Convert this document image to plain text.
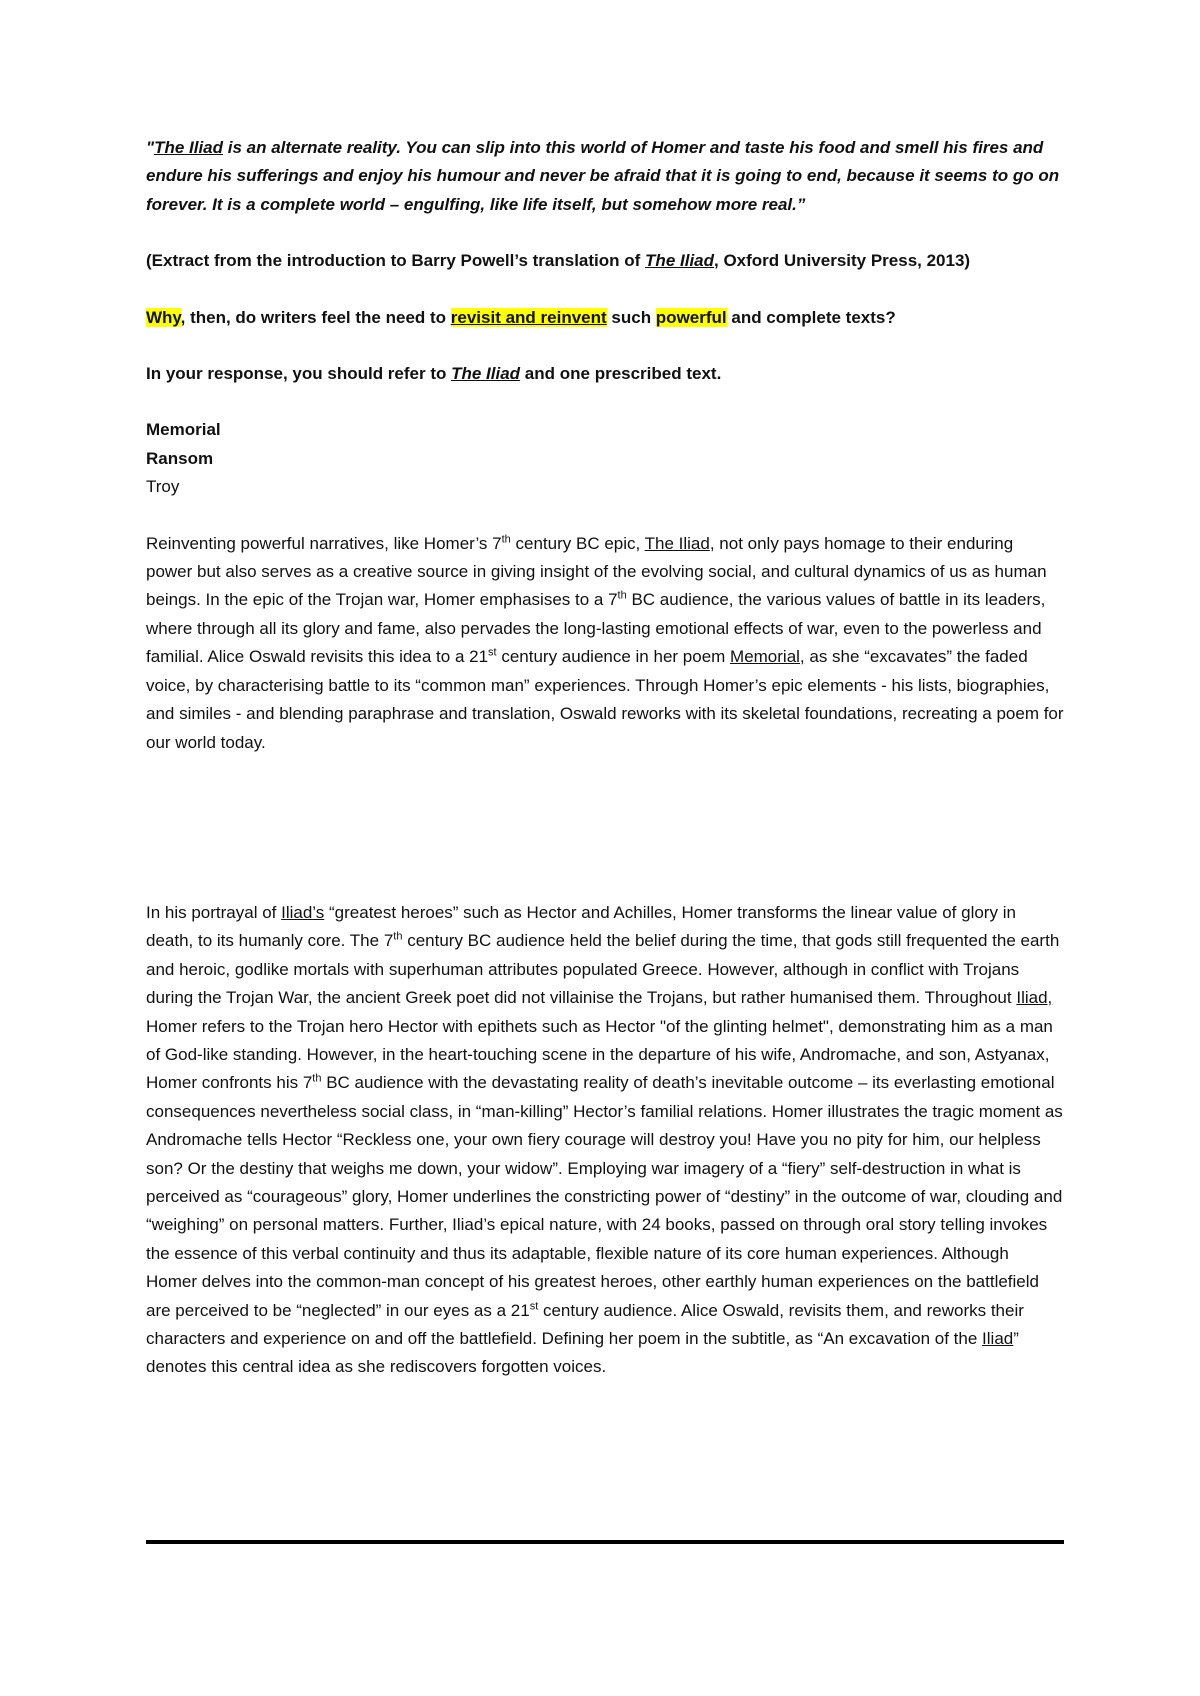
"The Iliad is an alternate reality. You can slip into this world of Homer and taste his food and smell his fires and endure his sufferings and enjoy his humour and never be afraid that it is going to end, because it seems to go on forever. It is a complete world – engulfing, like life itself, but somehow more real.”

(Extract from the introduction to Barry Powell’s translation of The Iliad, Oxford University Press, 2013)

Why, then, do writers feel the need to revisit and reinvent such powerful and complete texts?

In your response, you should refer to The Iliad and one prescribed text.

Memorial

Ransom

Troy

Reinventing powerful narratives, like Homer’s 7th century BC epic, The Iliad, not only pays homage to their enduring power but also serves as a creative source in giving insight of the evolving social, and cultural dynamics of us as human beings. In the epic of the Trojan war, Homer emphasises to a 7th BC audience, the various values of battle in its leaders, where through all its glory and fame, also pervades the long-lasting emotional effects of war, even to the powerless and familial. Alice Oswald revisits this idea to a 21st century audience in her poem Memorial, as she “excavates” the faded voice, by characterising battle to its “common man” experiences. Through Homer’s epic elements - his lists, biographies, and similes - and blending paraphrase and translation, Oswald reworks with its skeletal foundations, recreating a poem for our world today.

In his portrayal of Iliad’s “greatest heroes” such as Hector and Achilles, Homer transforms the linear value of glory in death, to its humanly core. The 7th century BC audience held the belief during the time, that gods still frequented the earth and heroic, godlike mortals with superhuman attributes populated Greece. However, although in conflict with Trojans during the Trojan War, the ancient Greek poet did not villainise the Trojans, but rather humanised them. Throughout Iliad, Homer refers to the Trojan hero Hector with epithets such as Hector "of the glinting helmet", demonstrating him as a man of God-like standing. However, in the heart-touching scene in the departure of his wife, Andromache, and son, Astyanax, Homer confronts his 7th BC audience with the devastating reality of death’s inevitable outcome – its everlasting emotional consequences nevertheless social class, in “man-killing” Hector’s familial relations. Homer illustrates the tragic moment as Andromache tells Hector “Reckless one, your own fiery courage will destroy you! Have you no pity for him, our helpless son? Or the destiny that weighs me down, your widow”. Employing war imagery of a “fiery” self-destruction in what is perceived as “courageous” glory, Homer underlines the constricting power of “destiny” in the outcome of war, clouding and “weighing” on personal matters. Further, Iliad’s epical nature, with 24 books, passed on through oral story telling invokes the essence of this verbal continuity and thus its adaptable, flexible nature of its core human experiences. Although Homer delves into the common-man concept of his greatest heroes, other earthly human experiences on the battlefield are perceived to be “neglected” in our eyes as a 21st century audience. Alice Oswald, revisits them, and reworks their characters and experience on and off the battlefield. Defining her poem in the subtitle, as “An excavation of the Iliad” denotes this central idea as she rediscovers forgotten voices.
